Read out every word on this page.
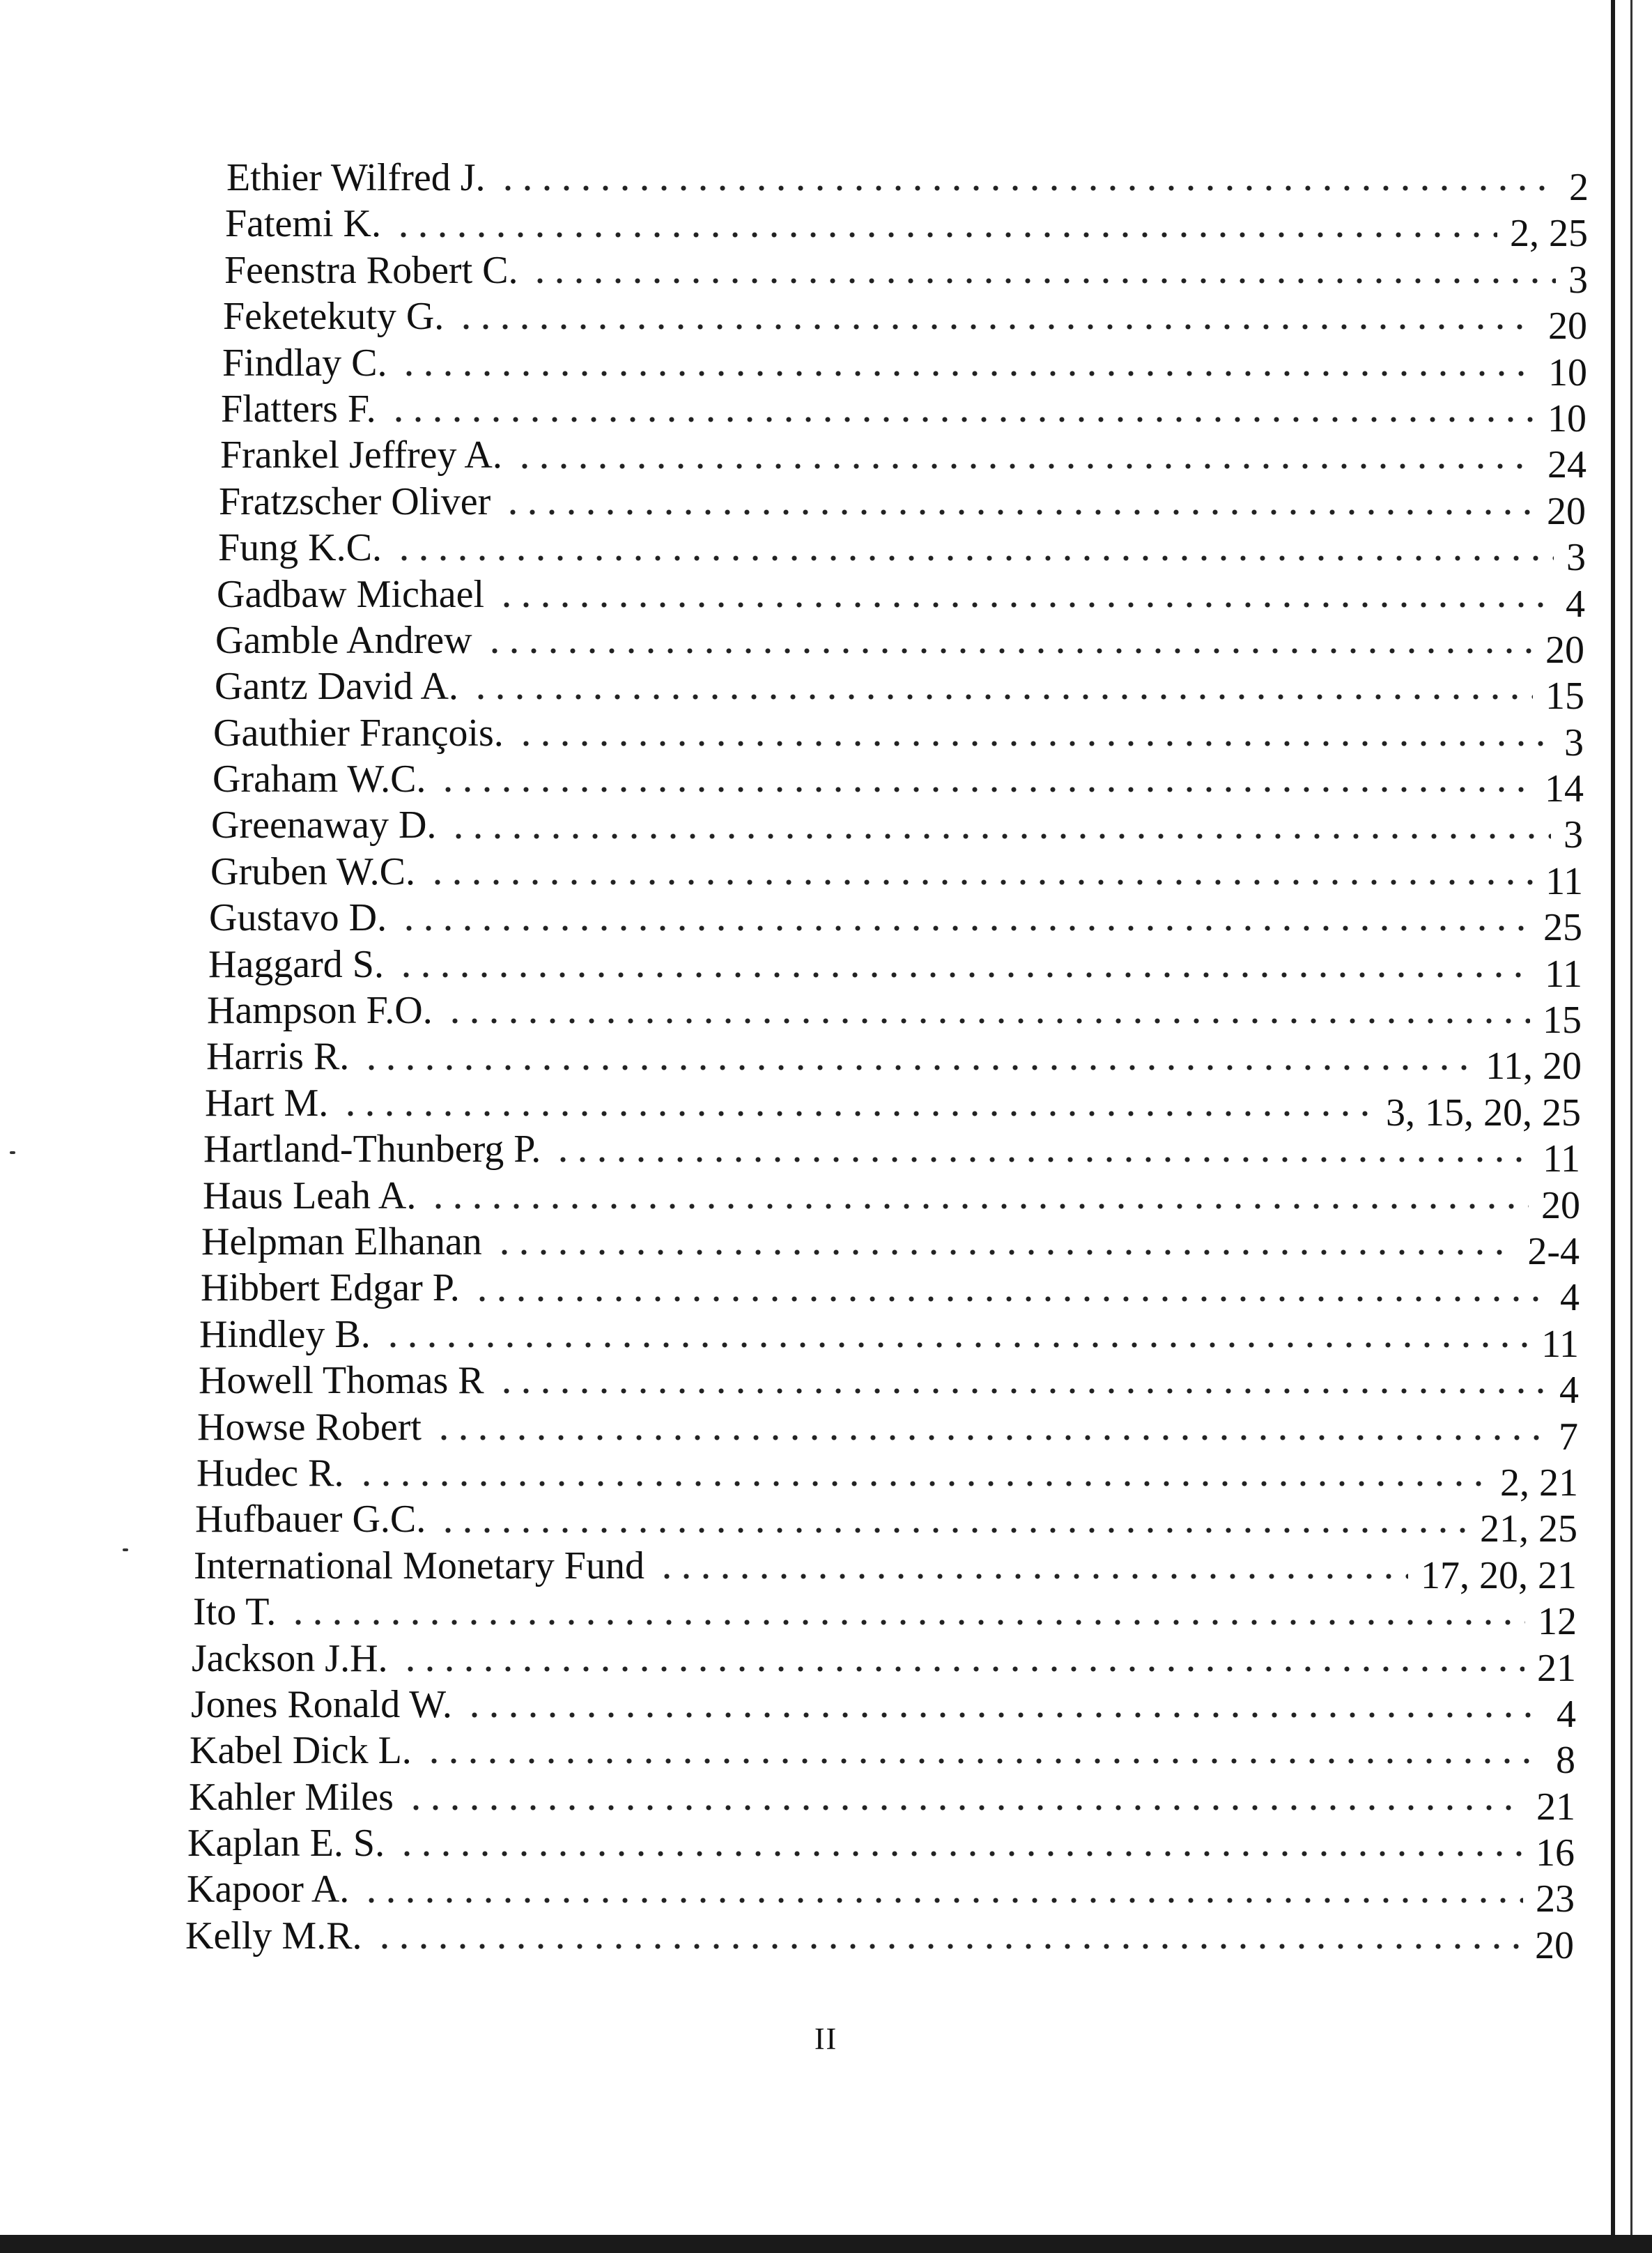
Ethier Wilfred J.	2
Fatemi K.	2, 25
Feenstra Robert C.	3
Feketekuty G.	20
Findlay C.	10
Flatters F.	10
Frankel Jeffrey A.	24
Fratzscher Oliver	20
Fung K.C.	3
Gadbaw Michael	4
Gamble Andrew	20
Gantz David A.	15
Gauthier François.	3
Graham W.C.	14
Greenaway D.	3
Gruben W.C.	11
Gustavo D.	25
Haggard S.	11
Hampson F.O.	15
Harris R.	11, 20
Hart M.	3, 15, 20, 25
Hartland-Thunberg P.	11
Haus Leah A.	20
Helpman Elhanan	2-4
Hibbert Edgar P.	4
Hindley B.	11
Howell Thomas R	4
Howse Robert	7
Hudec R.	2, 21
Hufbauer G.C.	21, 25
International Monetary Fund	17, 20, 21
Ito T.	12
Jackson J.H.	21
Jones Ronald W.	4
Kabel Dick L.	8
Kahler Miles	21
Kaplan E. S.	16
Kapoor A.	23
Kelly M.R.	20
II
